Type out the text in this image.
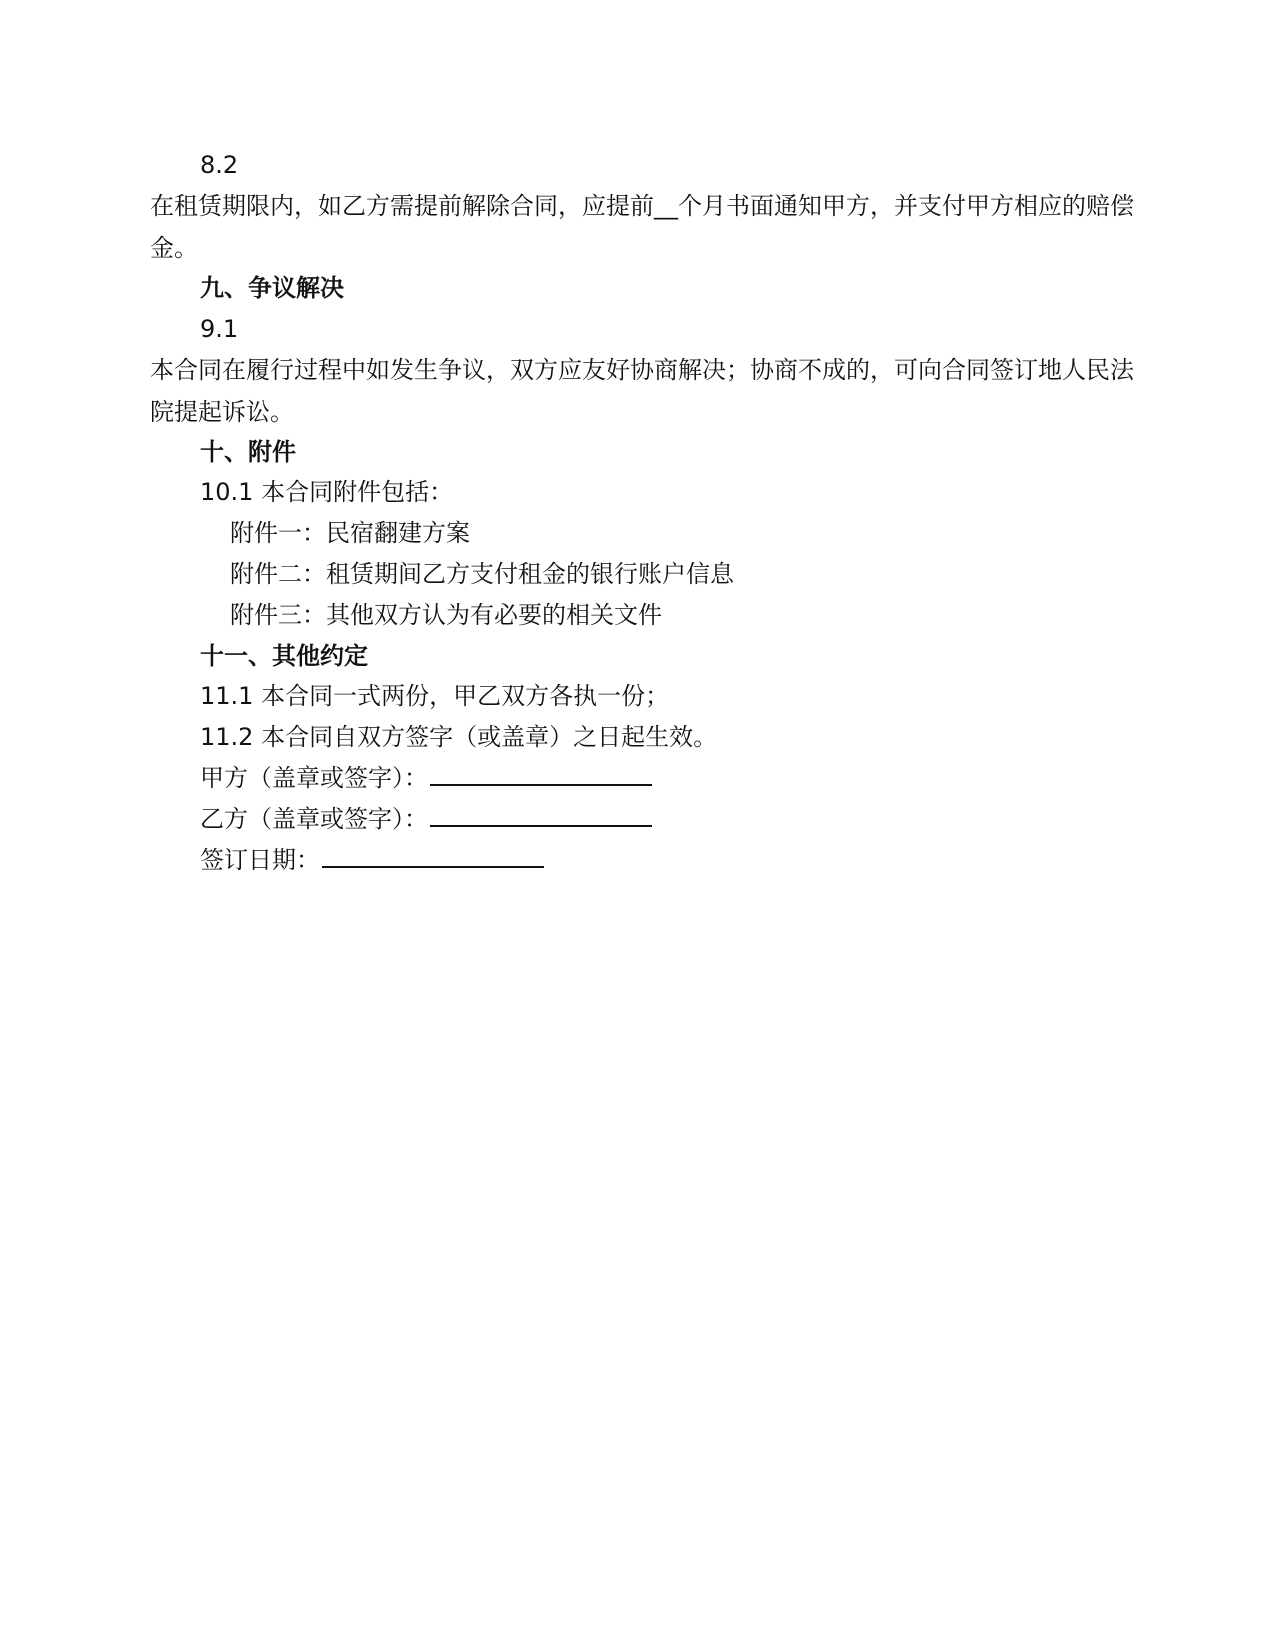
8.2
在租赁期限内，如乙方需提前解除合同，应提前__个月书面通知甲方，并支付甲方相应的赔偿金。
九、争议解决
9.1
本合同在履行过程中如发生争议，双方应友好协商解决；协商不成的，可向合同签订地人民法院提起诉讼。
十、附件
10.1 本合同附件包括：
附件一：民宿翻建方案
附件二：租赁期间乙方支付租金的银行账户信息
附件三：其他双方认为有必要的相关文件
十一、其他约定
11.1 本合同一式两份，甲乙双方各执一份；
11.2 本合同自双方签字（或盖章）之日起生效。
甲方（盖章或签字）：
乙方（盖章或签字）：
签订日期：
